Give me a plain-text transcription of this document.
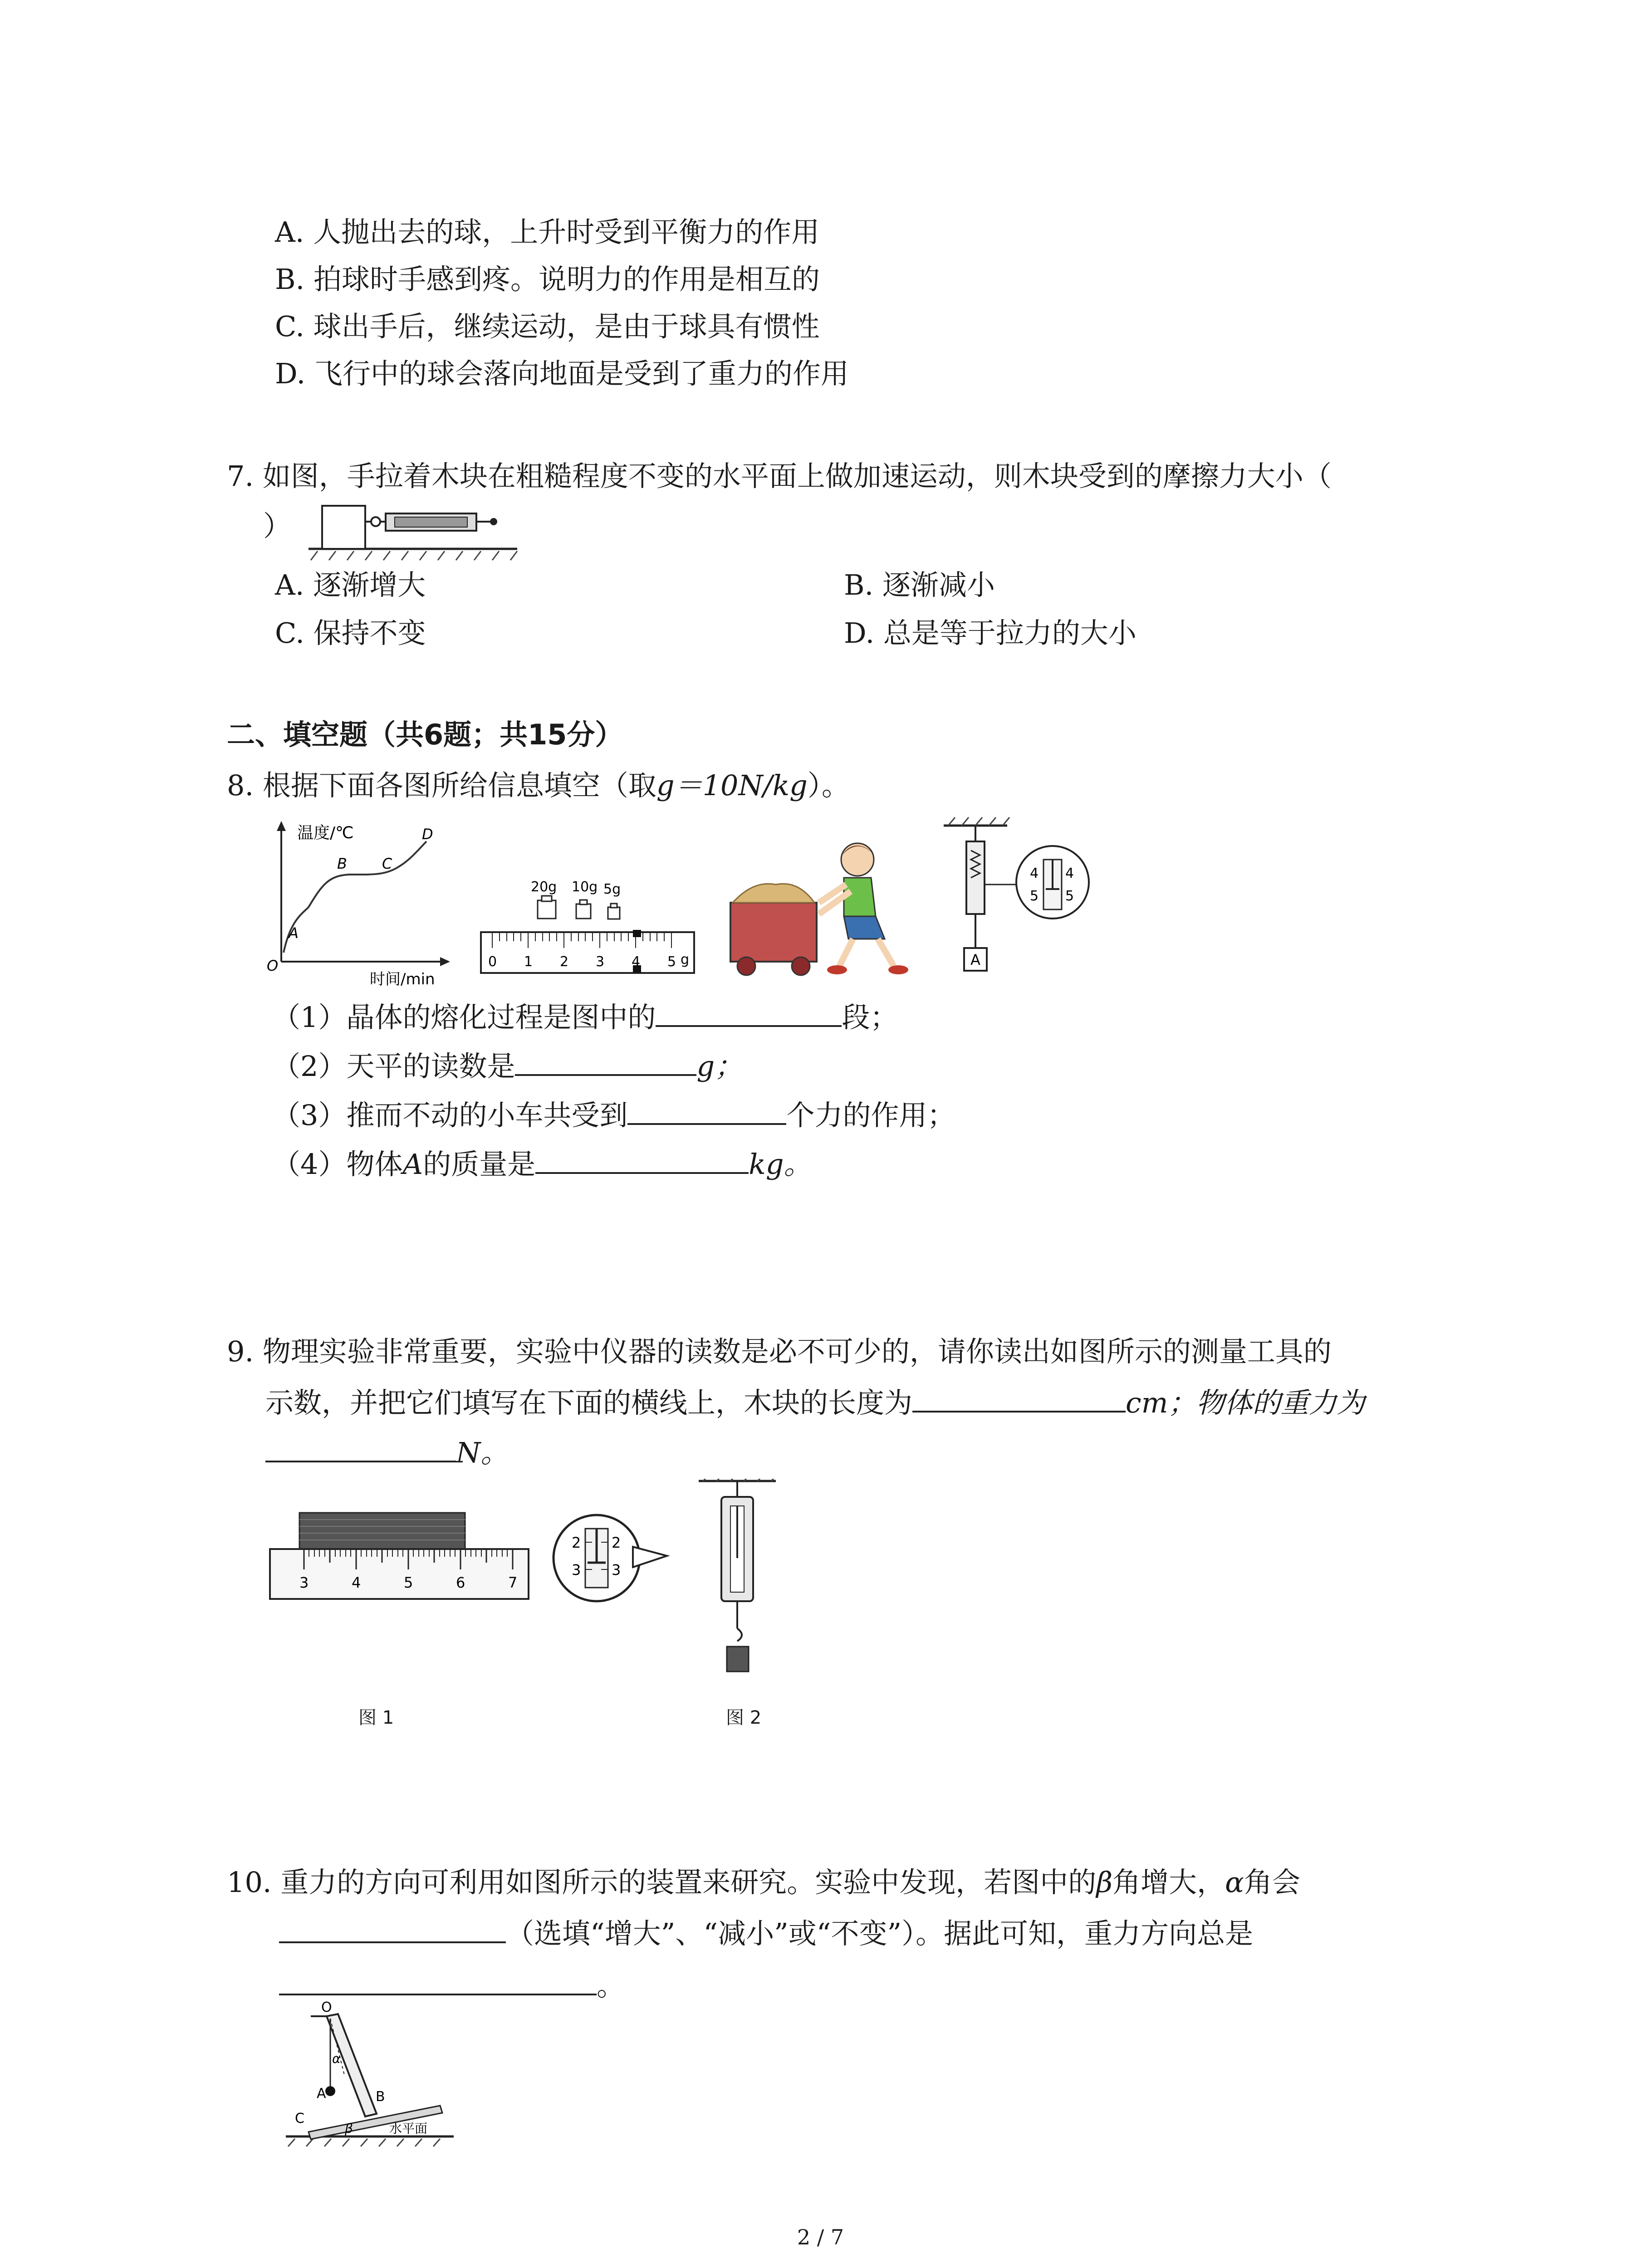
A. 人抛出去的球，上升时受到平衡力的作用
B. 拍球时手感到疼。说明力的作用是相互的
C. 球出手后，继续运动，是由于球具有惯性
D. 飞行中的球会落向地面是受到了重力的作用
7. 如图，手拉着木块在粗糙程度不变的水平面上做加速运动，则木块受到的摩擦力大小（
）
A. 逐渐增大	B. 逐渐减小
C. 保持不变	D. 总是等于拉力的大小
二、填空题（共6题；共15分）
8. 根据下面各图所给信息填空（取g＝10N/kg）。
温度/℃
时间/min
O
A
B C
D
20g 10g 5g
0 1 2 3 4 5 g	A
4 4
5 5
（1）晶体的熔化过程是图中的	段；
（2）天平的读数是	g；
（3）推而不动的小车共受到	个力的作用；
（4）物体A的质量是	kg。
9. 物理实验非常重要，实验中仪器的读数是必不可少的，请你读出如图所示的测量工具的
示数，并把它们填写在下面的横线上，木块的长度为	cm；物体的重力为
N。
3	4	5	6	7
2 2
3 3
图 1	图 2
10. 重力的方向可利用如图所示的装置来研究。实验中发现，若图中的β角增大，α角会
（选填“增大”、“减小”或“不变”）。据此可知，重力方向总是
。
O
A	B
C
α
β	水平面
2 / 7
